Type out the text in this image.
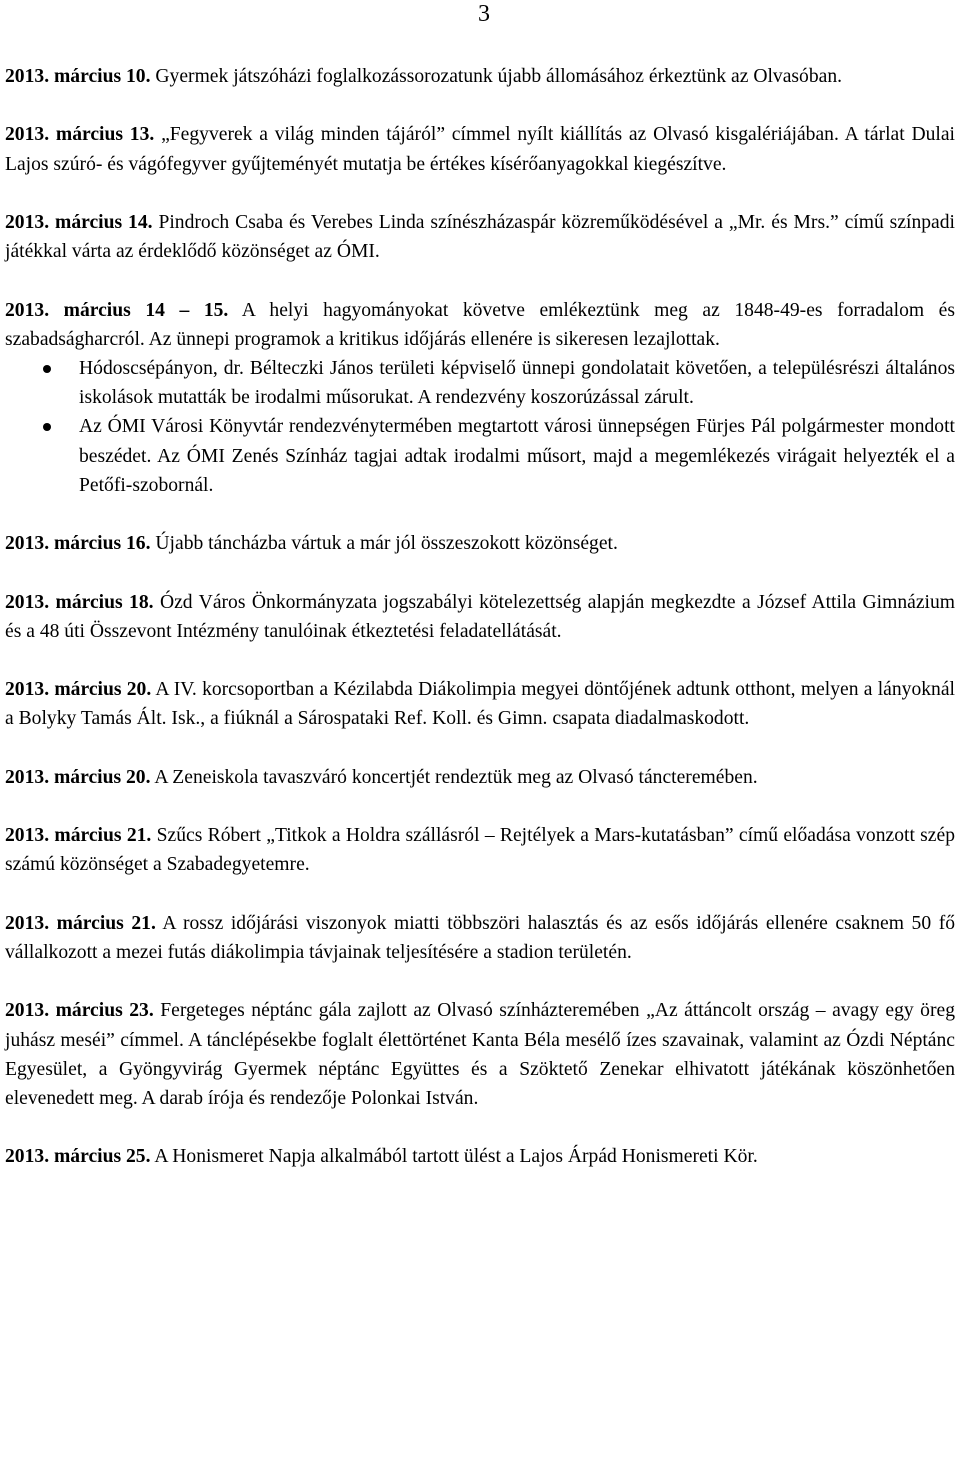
3

2013. március 10. Gyermek játszóházi foglalkozássorozatunk újabb állomásához érkeztünk az Olvasóban.

2013. március 13. „Fegyverek a világ minden tájáról” címmel nyílt kiállítás az Olvasó kisgalériájában. A tárlat Dulai Lajos szúró- és vágófegyver gyűjteményét mutatja be értékes kísérőanyagokkal kiegészítve.

2013. március 14. Pindroch Csaba és Verebes Linda színészházaspár közreműködésével a „Mr. és Mrs.” című színpadi játékkal várta az érdeklődő közönséget az ÓMI.

2013. március 14 – 15. A helyi hagyományokat követve emlékeztünk meg az 1848-49-es forradalom és szabadságharcról. Az ünnepi programok a kritikus időjárás ellenére is sikeresen lezajlottak.

Hódoscsépányon, dr. Bélteczki János területi képviselő ünnepi gondolatait követően, a településrészi általános iskolások mutatták be irodalmi műsorukat. A rendezvény koszorúzással zárult.
Az ÓMI Városi Könyvtár rendezvénytermében megtartott városi ünnepségen Fürjes Pál polgármester mondott beszédet. Az ÓMI Zenés Színház tagjai adtak irodalmi műsort, majd a megemlékezés virágait helyezték el a Petőfi-szobornál.

2013. március 16. Újabb táncházba vártuk a már jól összeszokott közönséget.

2013. március 18. Ózd Város Önkormányzata jogszabályi kötelezettség alapján megkezdte a József Attila Gimnázium és a 48 úti Összevont Intézmény tanulóinak étkeztetési feladatellátását.

2013. március 20. A IV. korcsoportban a Kézilabda Diákolimpia megyei döntőjének adtunk otthont, melyen a lányoknál a Bolyky Tamás Ált. Isk., a fiúknál a Sárospataki Ref. Koll. és Gimn. csapata diadalmaskodott.

2013. március 20. A Zeneiskola tavaszváró koncertjét rendeztük meg az Olvasó táncteremében.

2013. március 21. Szűcs Róbert „Titkok a Holdra szállásról – Rejtélyek a Mars-kutatásban” című előadása vonzott szép számú közönséget a Szabadegyetemre.

2013. március 21. A rossz időjárási viszonyok miatti többszöri halasztás és az esős időjárás ellenére csaknem 50 fő vállalkozott a mezei futás diákolimpia távjainak teljesítésére a stadion területén.

2013. március 23. Fergeteges néptánc gála zajlott az Olvasó színházteremében „Az áttáncolt ország – avagy egy öreg juhász meséi” címmel. A tánclépésekbe foglalt élettörténet Kanta Béla mesélő ízes szavainak, valamint az Ózdi Néptánc Egyesület, a Gyöngyvirág Gyermek néptánc Együttes és a Szöktető Zenekar elhivatott játékának köszönhetően elevenedett meg. A darab írója és rendezője Polonkai István.

2013. március 25. A Honismeret Napja alkalmából tartott ülést a Lajos Árpád Honismereti Kör.
